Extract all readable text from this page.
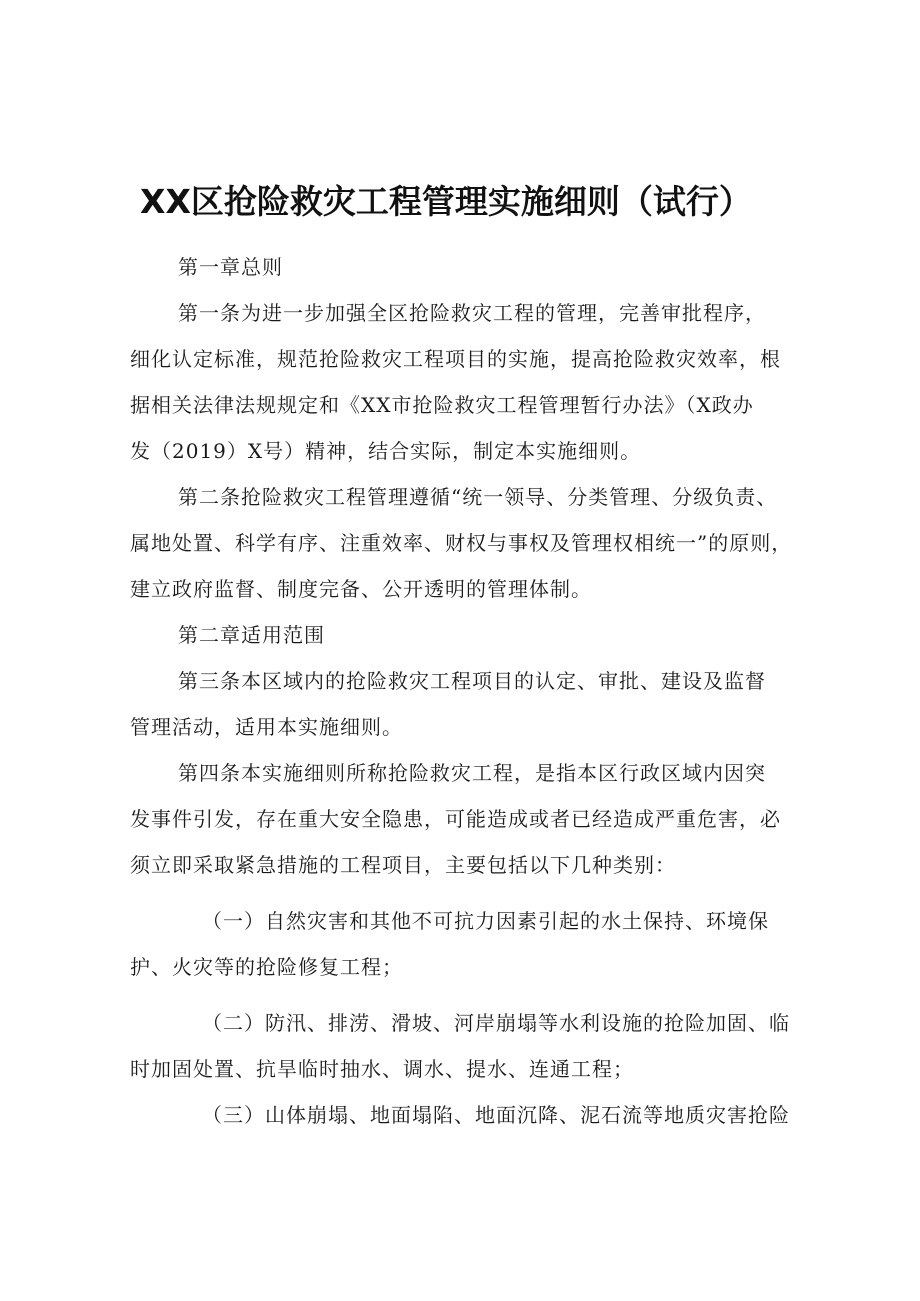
XX区抢险救灾工程管理实施细则（试行）
第一章总则
第一条为进一步加强全区抢险救灾工程的管理，完善审批程序，
细化认定标准，规范抢险救灾工程项目的实施，提高抢险救灾效率，根
据相关法律法规规定和《XX市抢险救灾工程管理暂行办法》（X政办
发（2019）X号）精神，结合实际，制定本实施细则。
第二条抢险救灾工程管理遵循“统一领导、分类管理、分级负责、
属地处置、科学有序、注重效率、财权与事权及管理权相统一”的原则，
建立政府监督、制度完备、公开透明的管理体制。
第二章适用范围
第三条本区域内的抢险救灾工程项目的认定、审批、建设及监督
管理活动，适用本实施细则。
第四条本实施细则所称抢险救灾工程，是指本区行政区域内因突
发事件引发，存在重大安全隐患，可能造成或者已经造成严重危害，必
须立即采取紧急措施的工程项目，主要包括以下几种类别：
（一）自然灾害和其他不可抗力因素引起的水土保持、环境保
护、火灾等的抢险修复工程；
（二）防汛、排涝、滑坡、河岸崩塌等水利设施的抢险加固、临
时加固处置、抗旱临时抽水、调水、提水、连通工程；
（三）山体崩塌、地面塌陷、地面沉降、泥石流等地质灾害抢险
